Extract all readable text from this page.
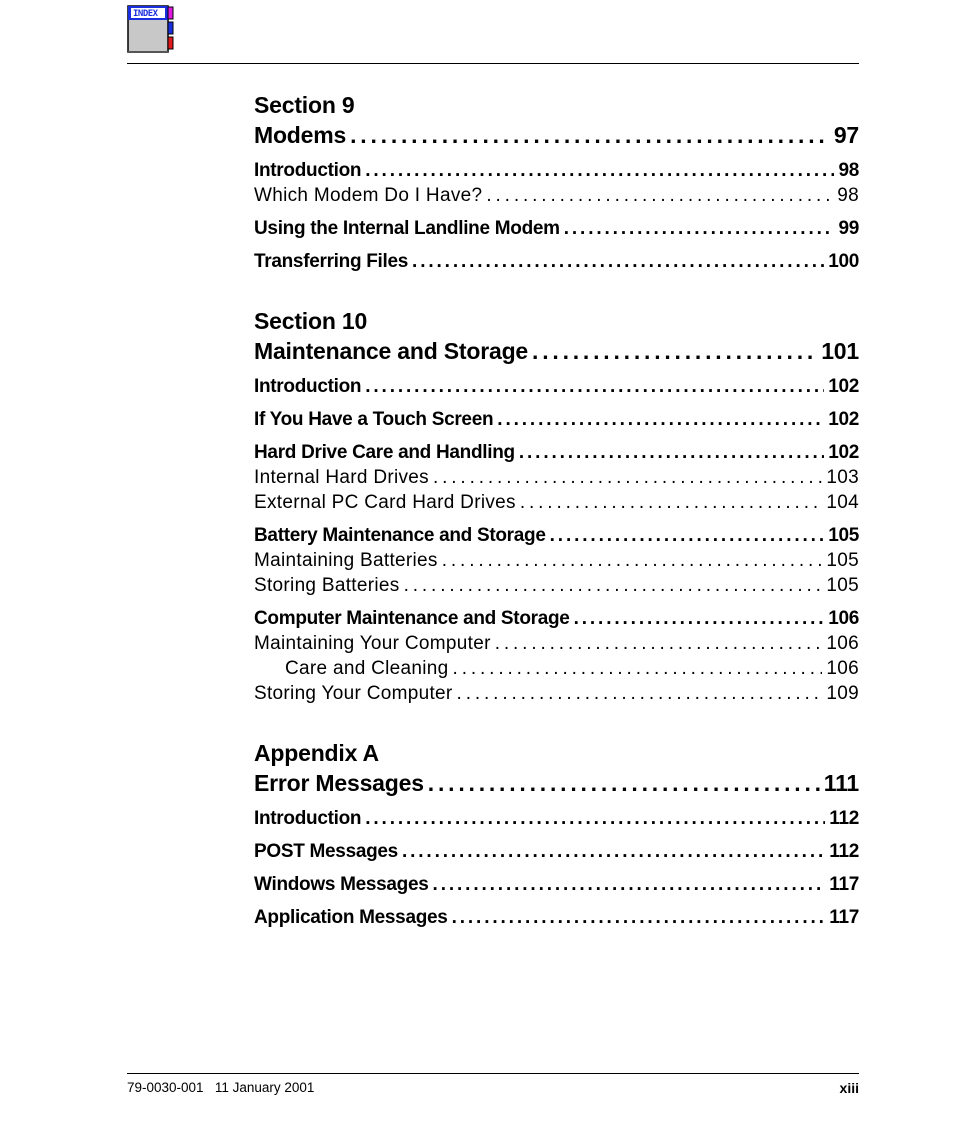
INDEX
Section 9
Modems . . .	97
Introduction . . .	98
Which Modem Do I Have? . . .	98
Using the Internal Landline Modem . . .	99
Transferring Files . . .	100
Section 10
Maintenance and Storage . . .	101
Introduction . . .	102
If You Have a Touch Screen . . .	102
Hard Drive Care and Handling . . .	102
Internal Hard Drives . . .	103
External PC Card Hard Drives . . .	104
Battery Maintenance and Storage . . .	105
Maintaining Batteries . . .	105
Storing Batteries . . .	105
Computer Maintenance and Storage . . .	106
Maintaining Your Computer . . .	106
Care and Cleaning . . .	106
Storing Your Computer . . .	109
Appendix A
Error Messages . . .	111
Introduction . . .	112
POST Messages . . .	112
Windows Messages . . .	117
Application Messages . . .	117
79-0030-001 11 January 2001	xiii
